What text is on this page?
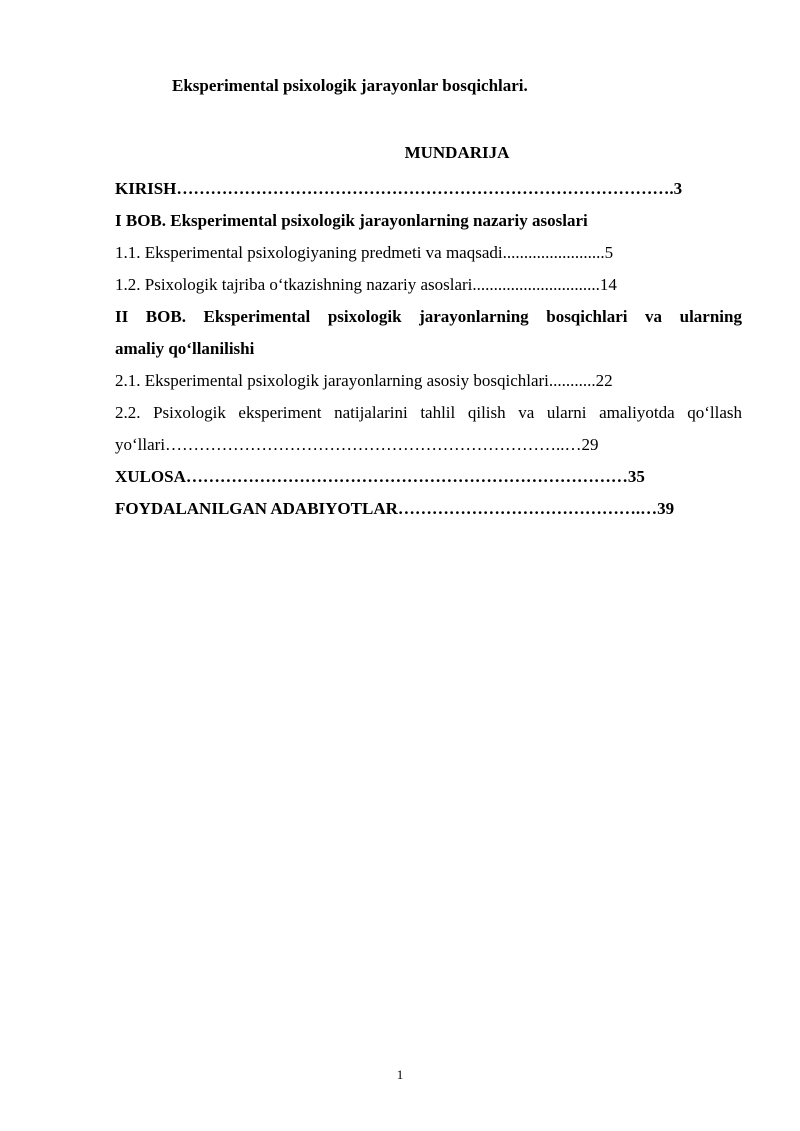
Eksperimental psixologik jarayonlar bosqichlari.
MUNDARIJA
KIRISH…………………………………………………………………………….3
I BOB. Eksperimental psixologik jarayonlarning nazariy asoslari
1.1. Eksperimental psixologiyaning predmeti va maqsadi........................5
1.2. Psixologik tajriba o‘tkazishning nazariy asoslari..............................14
II BOB. Eksperimental psixologik jarayonlarning bosqichlari va ularning
amaliy qo‘llanilishi
2.1. Eksperimental psixologik jarayonlarning asosiy bosqichlari...........22
2.2. Psixologik eksperiment natijalarini tahlil qilish va ularni amaliyotda qo‘llash
yo‘llari……………………………………………………………..…29
XULOSA……………………………………………………………………35
FOYDALANILGAN ADABIYOTLAR…………………………………….…39
1
